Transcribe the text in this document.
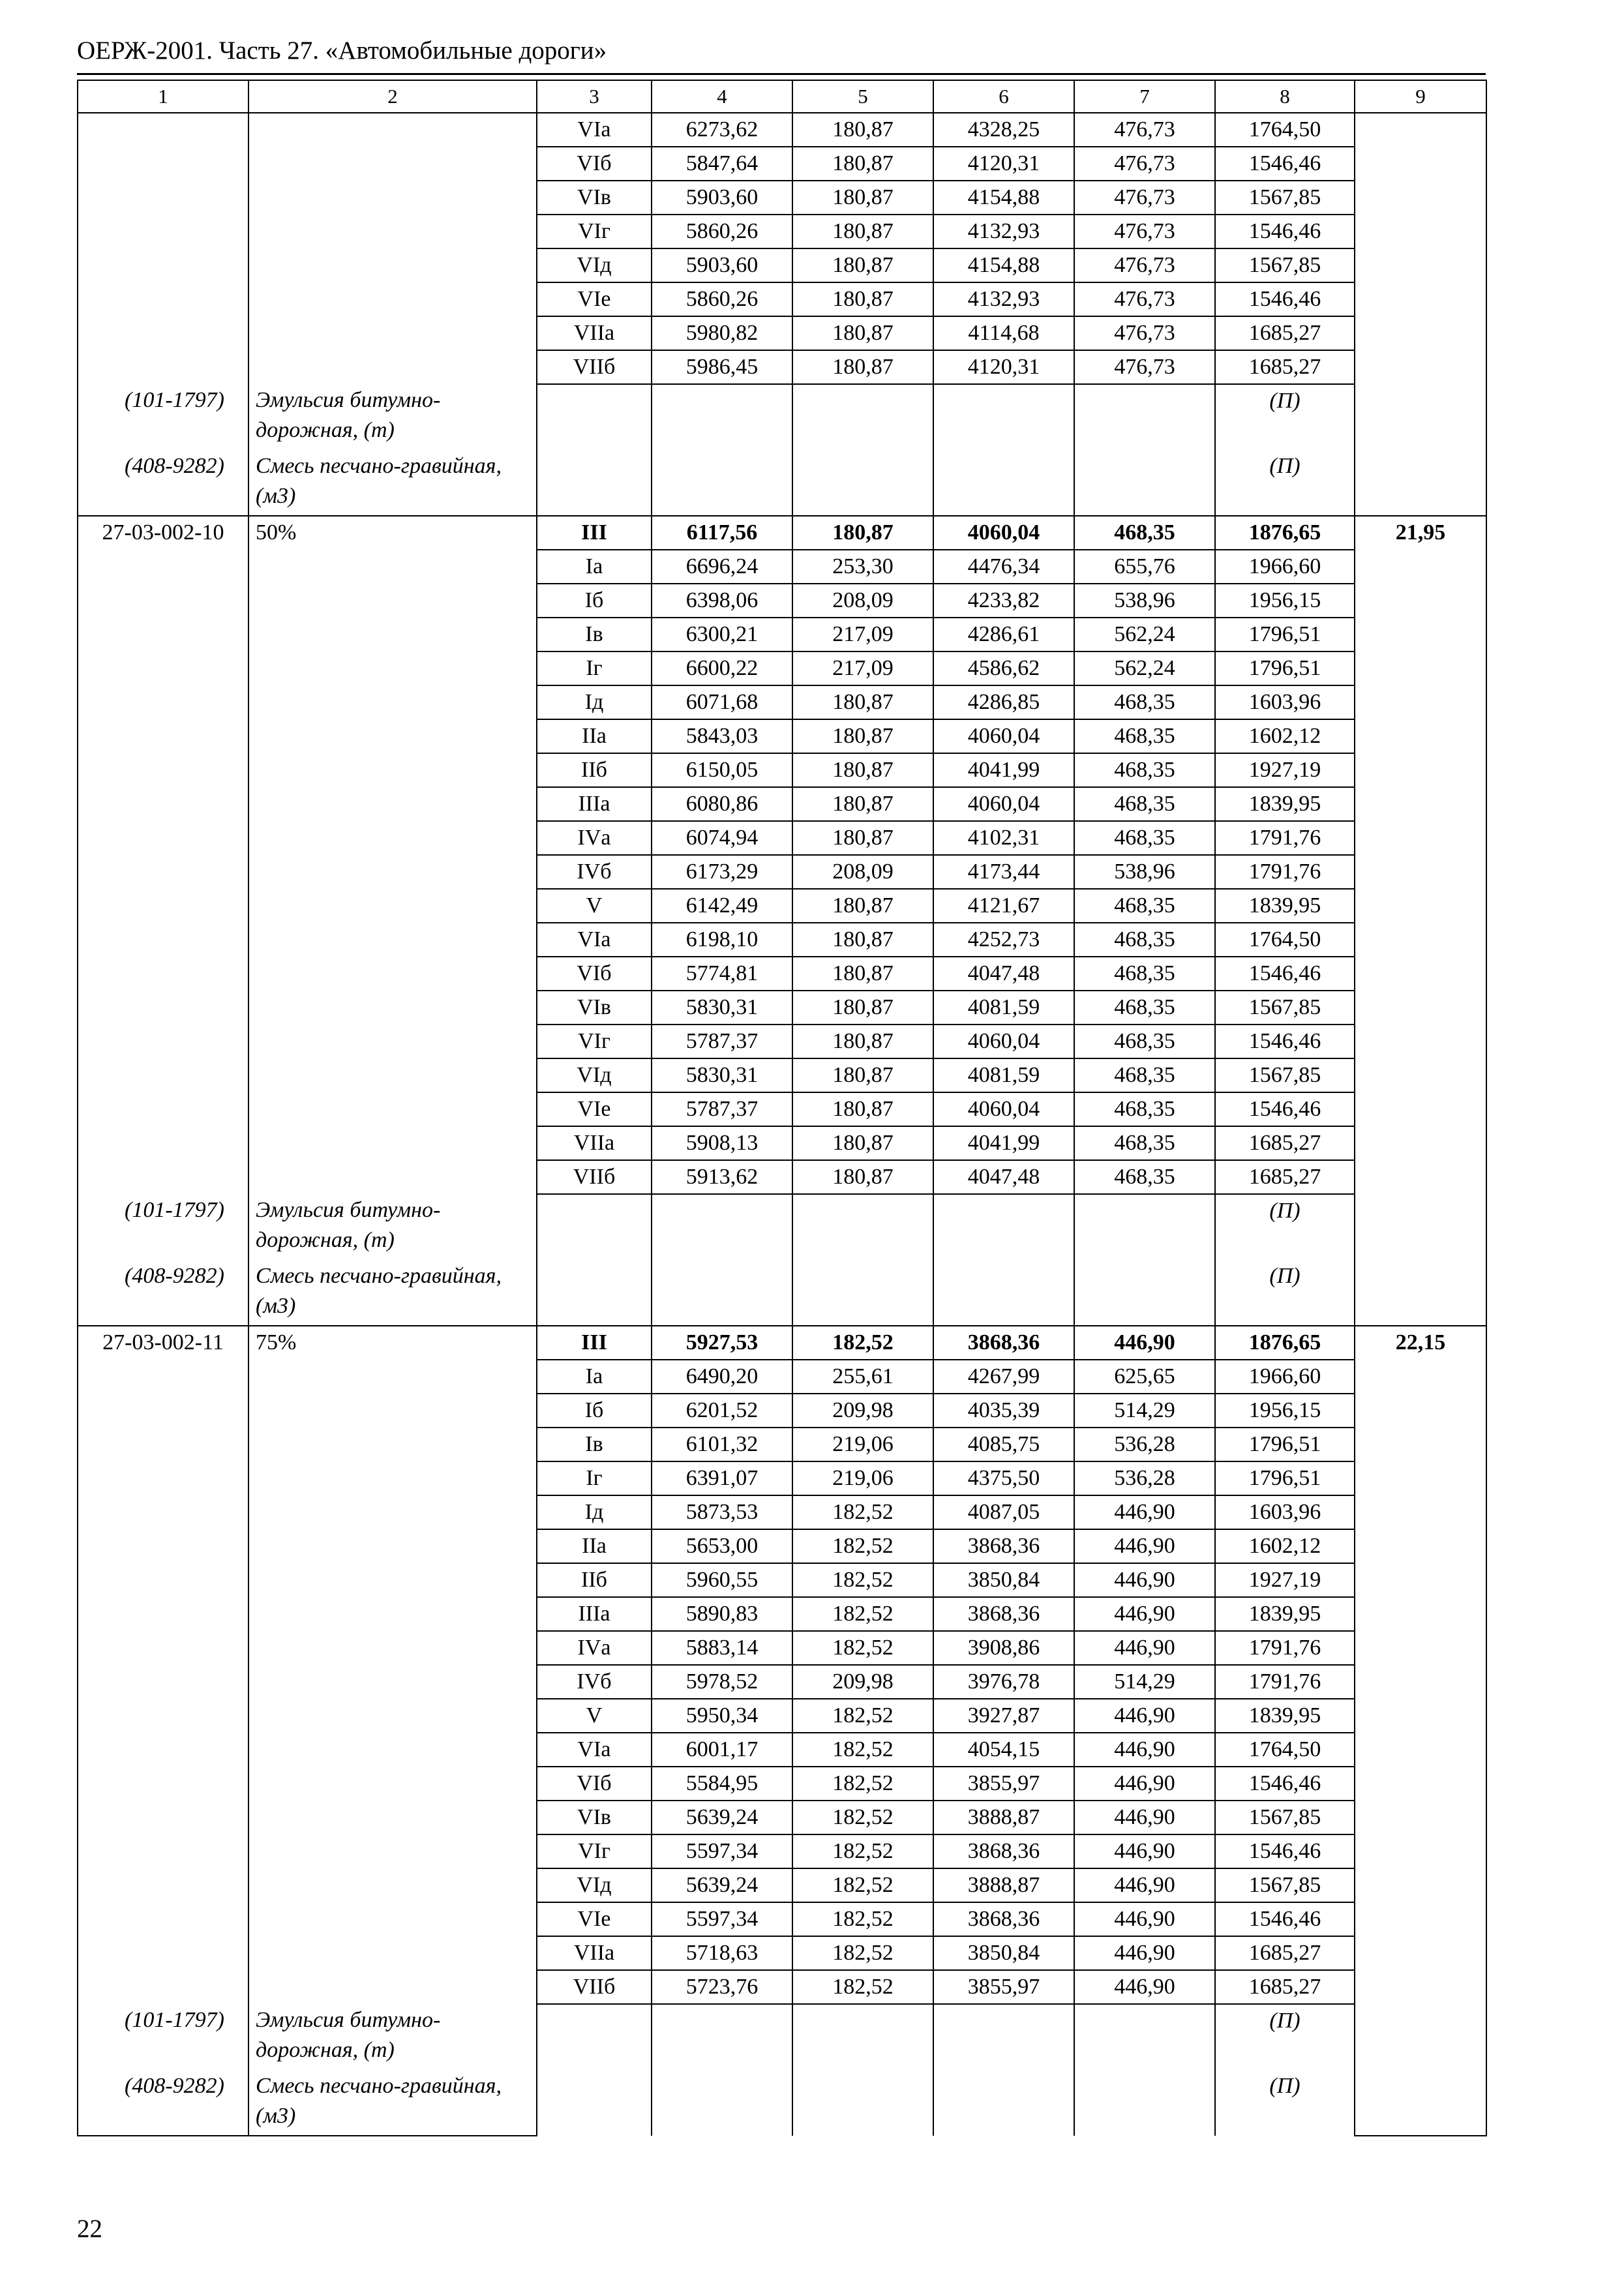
ОЕРЖ-2001. Часть 27. «Автомобильные дороги»
1	2	3	4	5	6	7	8	9
		VIa	6273,62	180,87	4328,25	476,73	1764,50	
		VIб	5847,64	180,87	4120,31	476,73	1546,46	
		VIв	5903,60	180,87	4154,88	476,73	1567,85	
		VIг	5860,26	180,87	4132,93	476,73	1546,46	
		VIд	5903,60	180,87	4154,88	476,73	1567,85	
		VIе	5860,26	180,87	4132,93	476,73	1546,46	
		VIIа	5980,82	180,87	4114,68	476,73	1685,27	
		VIIб	5986,45	180,87	4120,31	476,73	1685,27	
(101-1797)	Эмульсия битумно-дорожная, (т)						(П)	
(408-9282)	Смесь песчано-гравийная, (м3)						(П)	
27-03-002-10	50%	III	6117,56	180,87	4060,04	468,35	1876,65	21,95
		Iа	6696,24	253,30	4476,34	655,76	1966,60	
		Iб	6398,06	208,09	4233,82	538,96	1956,15	
		Iв	6300,21	217,09	4286,61	562,24	1796,51	
		Iг	6600,22	217,09	4586,62	562,24	1796,51	
		Iд	6071,68	180,87	4286,85	468,35	1603,96	
		IIа	5843,03	180,87	4060,04	468,35	1602,12	
		IIб	6150,05	180,87	4041,99	468,35	1927,19	
		IIIа	6080,86	180,87	4060,04	468,35	1839,95	
		IVа	6074,94	180,87	4102,31	468,35	1791,76	
		IVб	6173,29	208,09	4173,44	538,96	1791,76	
		V	6142,49	180,87	4121,67	468,35	1839,95	
		VIa	6198,10	180,87	4252,73	468,35	1764,50	
		VIб	5774,81	180,87	4047,48	468,35	1546,46	
		VIв	5830,31	180,87	4081,59	468,35	1567,85	
		VIг	5787,37	180,87	4060,04	468,35	1546,46	
		VIд	5830,31	180,87	4081,59	468,35	1567,85	
		VIе	5787,37	180,87	4060,04	468,35	1546,46	
		VIIа	5908,13	180,87	4041,99	468,35	1685,27	
		VIIб	5913,62	180,87	4047,48	468,35	1685,27	
(101-1797)	Эмульсия битумно-дорожная, (т)						(П)	
(408-9282)	Смесь песчано-гравийная, (м3)						(П)	
27-03-002-11	75%	III	5927,53	182,52	3868,36	446,90	1876,65	22,15
		Iа	6490,20	255,61	4267,99	625,65	1966,60	
		Iб	6201,52	209,98	4035,39	514,29	1956,15	
		Iв	6101,32	219,06	4085,75	536,28	1796,51	
		Iг	6391,07	219,06	4375,50	536,28	1796,51	
		Iд	5873,53	182,52	4087,05	446,90	1603,96	
		IIа	5653,00	182,52	3868,36	446,90	1602,12	
		IIб	5960,55	182,52	3850,84	446,90	1927,19	
		IIIа	5890,83	182,52	3868,36	446,90	1839,95	
		IVа	5883,14	182,52	3908,86	446,90	1791,76	
		IVб	5978,52	209,98	3976,78	514,29	1791,76	
		V	5950,34	182,52	3927,87	446,90	1839,95	
		VIa	6001,17	182,52	4054,15	446,90	1764,50	
		VIб	5584,95	182,52	3855,97	446,90	1546,46	
		VIв	5639,24	182,52	3888,87	446,90	1567,85	
		VIг	5597,34	182,52	3868,36	446,90	1546,46	
		VIд	5639,24	182,52	3888,87	446,90	1567,85	
		VIе	5597,34	182,52	3868,36	446,90	1546,46	
		VIIа	5718,63	182,52	3850,84	446,90	1685,27	
		VIIб	5723,76	182,52	3855,97	446,90	1685,27	
(101-1797)	Эмульсия битумно-дорожная, (т)						(П)	
(408-9282)	Смесь песчано-гравийная, (м3)						(П)	
22
